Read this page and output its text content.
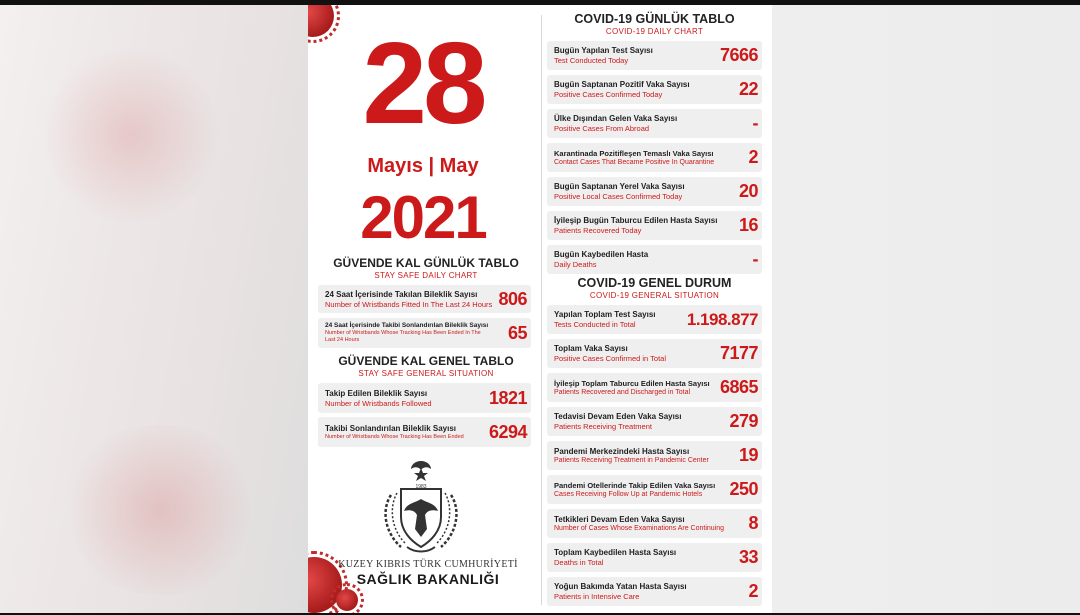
28
Mayıs | May
2021
GÜVENDE KAL GÜNLÜK TABLO
STAY SAFE DAILY CHART
24 Saat İçerisinde Takılan Bileklik Sayısı
Number of Wristbands Fitted In The Last 24 Hours 806
24 Saat İçerisinde Takibi Sonlandırılan Bileklik Sayısı
Number of Wristbands Whose Tracking Has Been Ended In The Last 24 Hours	65
GÜVENDE KAL GENEL TABLO
STAY SAFE GENERAL SITUATION
Takip Edilen Bileklik Sayısı
Number of Wristbands Followed	1821
Takibi Sonlandırılan Bileklik Sayısı
Number of Wristbands Whose Tracking Has Been Ended 6294
1983
KUZEY KIBRIS TÜRK CUMHURİYETİ
SAĞLIK BAKANLIĞI
COVID-19 GÜNLÜK TABLO
COVID-19 DAILY CHART
Bugün Yapılan Test Sayısı
Test Conducted Today	7666
Bugün Saptanan Pozitif Vaka Sayısı
Positive Cases Confirmed Today	22
Ülke Dışından Gelen Vaka Sayısı
Positive Cases From Abroad	-
Karantinada Pozitifleşen Temaslı Vaka Sayısı
Contact Cases That Became Positive In Quarantine 2
Bugün Saptanan Yerel Vaka Sayısı
Positive Local Cases Confirmed Today	20
İyileşip Bugün Taburcu Edilen Hasta Sayısı
Patients Recovered Today	16
Bugün Kaybedilen Hasta
Daily Deaths	-
COVID-19 GENEL DURUM
COVID-19 GENERAL SITUATION
Yapılan Toplam Test Sayısı
Tests Conducted in Total	1.198.877
Toplam Vaka Sayısı
Positive Cases Confirmed in Total	7177
İyileşip Toplam Taburcu Edilen Hasta Sayısı
Patients Recovered and Discharged in Total	6865
Tedavisi Devam Eden Vaka Sayısı
Patients Receiving Treatment	279
Pandemi Merkezindeki Hasta Sayısı
Patients Receiving Treatment in Pandemic Center 19
Pandemi Otellerinde Takip Edilen Vaka Sayısı
Cases Receiving Follow Up at Pandemic Hotels	250
Tetkikleri Devam Eden Vaka Sayısı
Number of Cases Whose Examinations Are Continuing 8
Toplam Kaybedilen Hasta Sayısı
Deaths in Total	33
Yoğun Bakımda Yatan Hasta Sayısı
Patients in Intensive Care	2
